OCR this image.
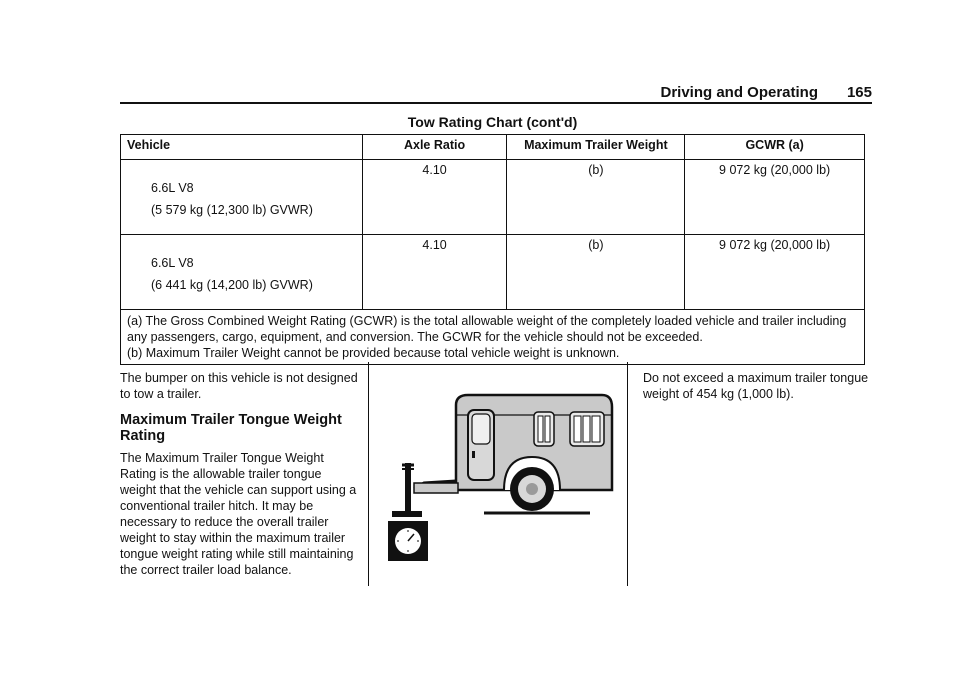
Driving and Operating 165
Tow Rating Chart (cont'd)
Vehicle	Axle Ratio	Maximum Trailer Weight	GCWR (a)

6.6L V8
(5 579 kg (12,300 lb) GVWR)	4.10	(b)	9 072 kg (20,000 lb)

6.6L V8
(6 441 kg (14,200 lb) GVWR)	4.10	(b)	9 072 kg (20,000 lb)

(a) The Gross Combined Weight Rating (GCWR) is the total allowable weight of the completely loaded vehicle and trailer including any passengers, cargo, equipment, and conversion. The GCWR for the vehicle should not be exceeded.
(b) Maximum Trailer Weight cannot be provided because total vehicle weight is unknown.			

The bumper on this vehicle is not designed to tow a trailer.

Maximum Trailer Tongue Weight Rating

The Maximum Trailer Tongue Weight Rating is the allowable trailer tongue weight that the vehicle can support using a conventional trailer hitch. It may be necessary to reduce the overall trailer weight to stay within the maximum trailer tongue weight rating while still maintaining the correct trailer load balance.

Do not exceed a maximum trailer tongue weight of 454 kg (1,000 lb).
